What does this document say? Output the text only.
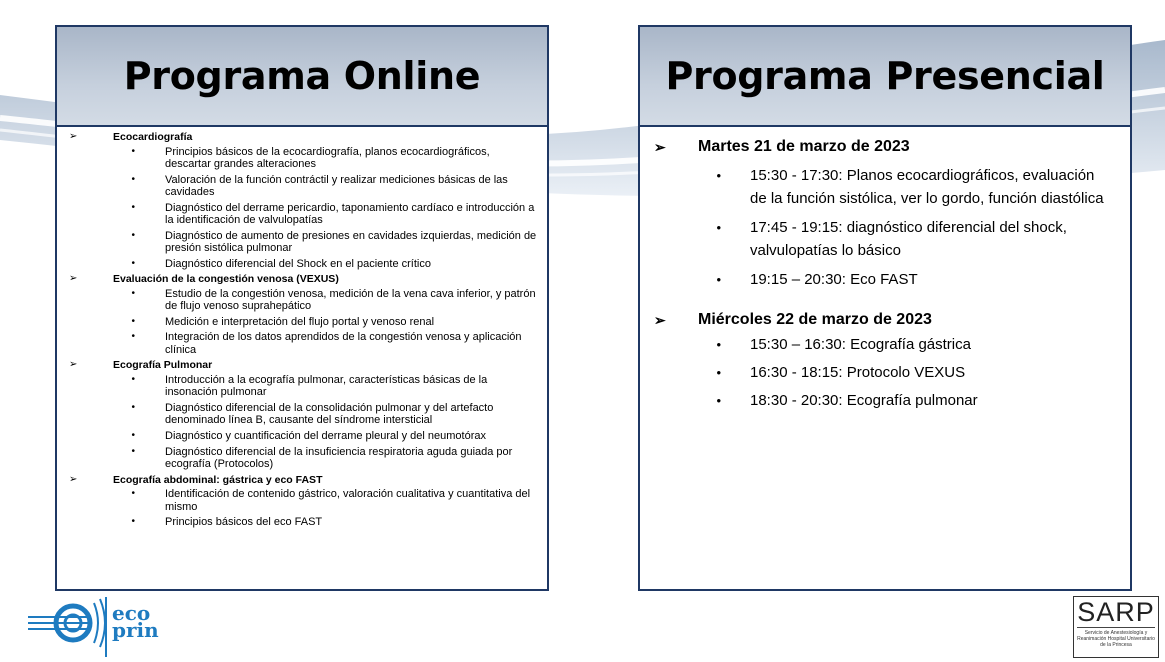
Programa Online
➢	Ecocardiografía
•	Principios básicos de la ecocardiografía, planos ecocardiográficos, descartar grandes alteraciones
•	Valoración de la función contráctil y realizar mediciones básicas de las cavidades
•	Diagnóstico del derrame pericardio, taponamiento cardíaco e introducción a la identificación de valvulopatías
•	Diagnóstico de aumento de presiones en cavidades izquierdas, medición de presión sistólica pulmonar
•	Diagnóstico diferencial del Shock en el paciente crítico
➢	Evaluación de la congestión venosa (VEXUS)
•	Estudio de la congestión venosa, medición de la vena cava inferior, y patrón de flujo venoso suprahepático
•	Medición e interpretación del flujo portal y venoso renal
•	Integración de los datos aprendidos de la congestión venosa y aplicación clínica
➢	Ecografía Pulmonar
•	Introducción a la ecografía pulmonar, características básicas de la insonación pulmonar
•	Diagnóstico diferencial de la consolidación pulmonar y del artefacto denominado línea B, causante del síndrome intersticial
•	Diagnóstico y cuantificación del derrame pleural y del neumotórax
•	Diagnóstico diferencial de la insuficiencia respiratoria aguda guiada por ecografía (Protocolos)
➢	Ecografía abdominal: gástrica y eco FAST
•	Identificación de contenido gástrico, valoración cualitativa y cuantitativa del mismo
•	Principios básicos del eco FAST
Programa Presencial
➢	Martes 21 de marzo de 2023
•	15:30 - 17:30: Planos ecocardiográficos, evaluación de la función sistólica, ver lo gordo, función diastólica
•	17:45 - 19:15: diagnóstico diferencial del shock, valvulopatías lo básico
•	19:15 – 20:30: Eco FAST
➢	Miércoles 22 de marzo de 2023
•	15:30 – 16:30: Ecografía gástrica
•	16:30 - 18:15: Protocolo VEXUS
•	18:30 - 20:30: Ecografía pulmonar
eco
prin
SARP
Servicio de Anestesiología y Reanimación Hospital Universitario de la Princesa
